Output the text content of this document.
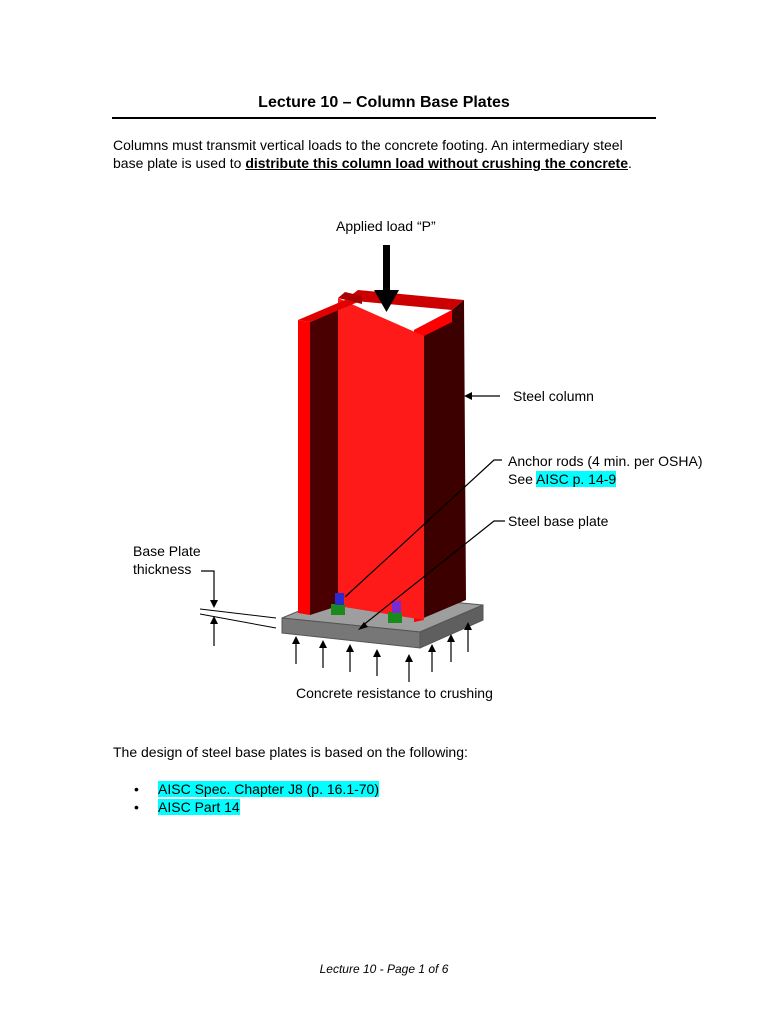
Lecture 10 – Column Base Plates

Columns must transmit vertical loads to the concrete footing. An intermediary steel base plate is used to distribute this column load without crushing the concrete.

Applied load “P”

Steel column

Anchor rods (4 min. per OSHA)

See AISC p. 14-9

Steel base plate

Base Plate

thickness

Concrete resistance to crushing

The design of steel base plates is based on the following:

• AISC Spec. Chapter J8 (p. 16.1-70)
• AISC Part 14

Lecture 10 - Page 1 of 6
